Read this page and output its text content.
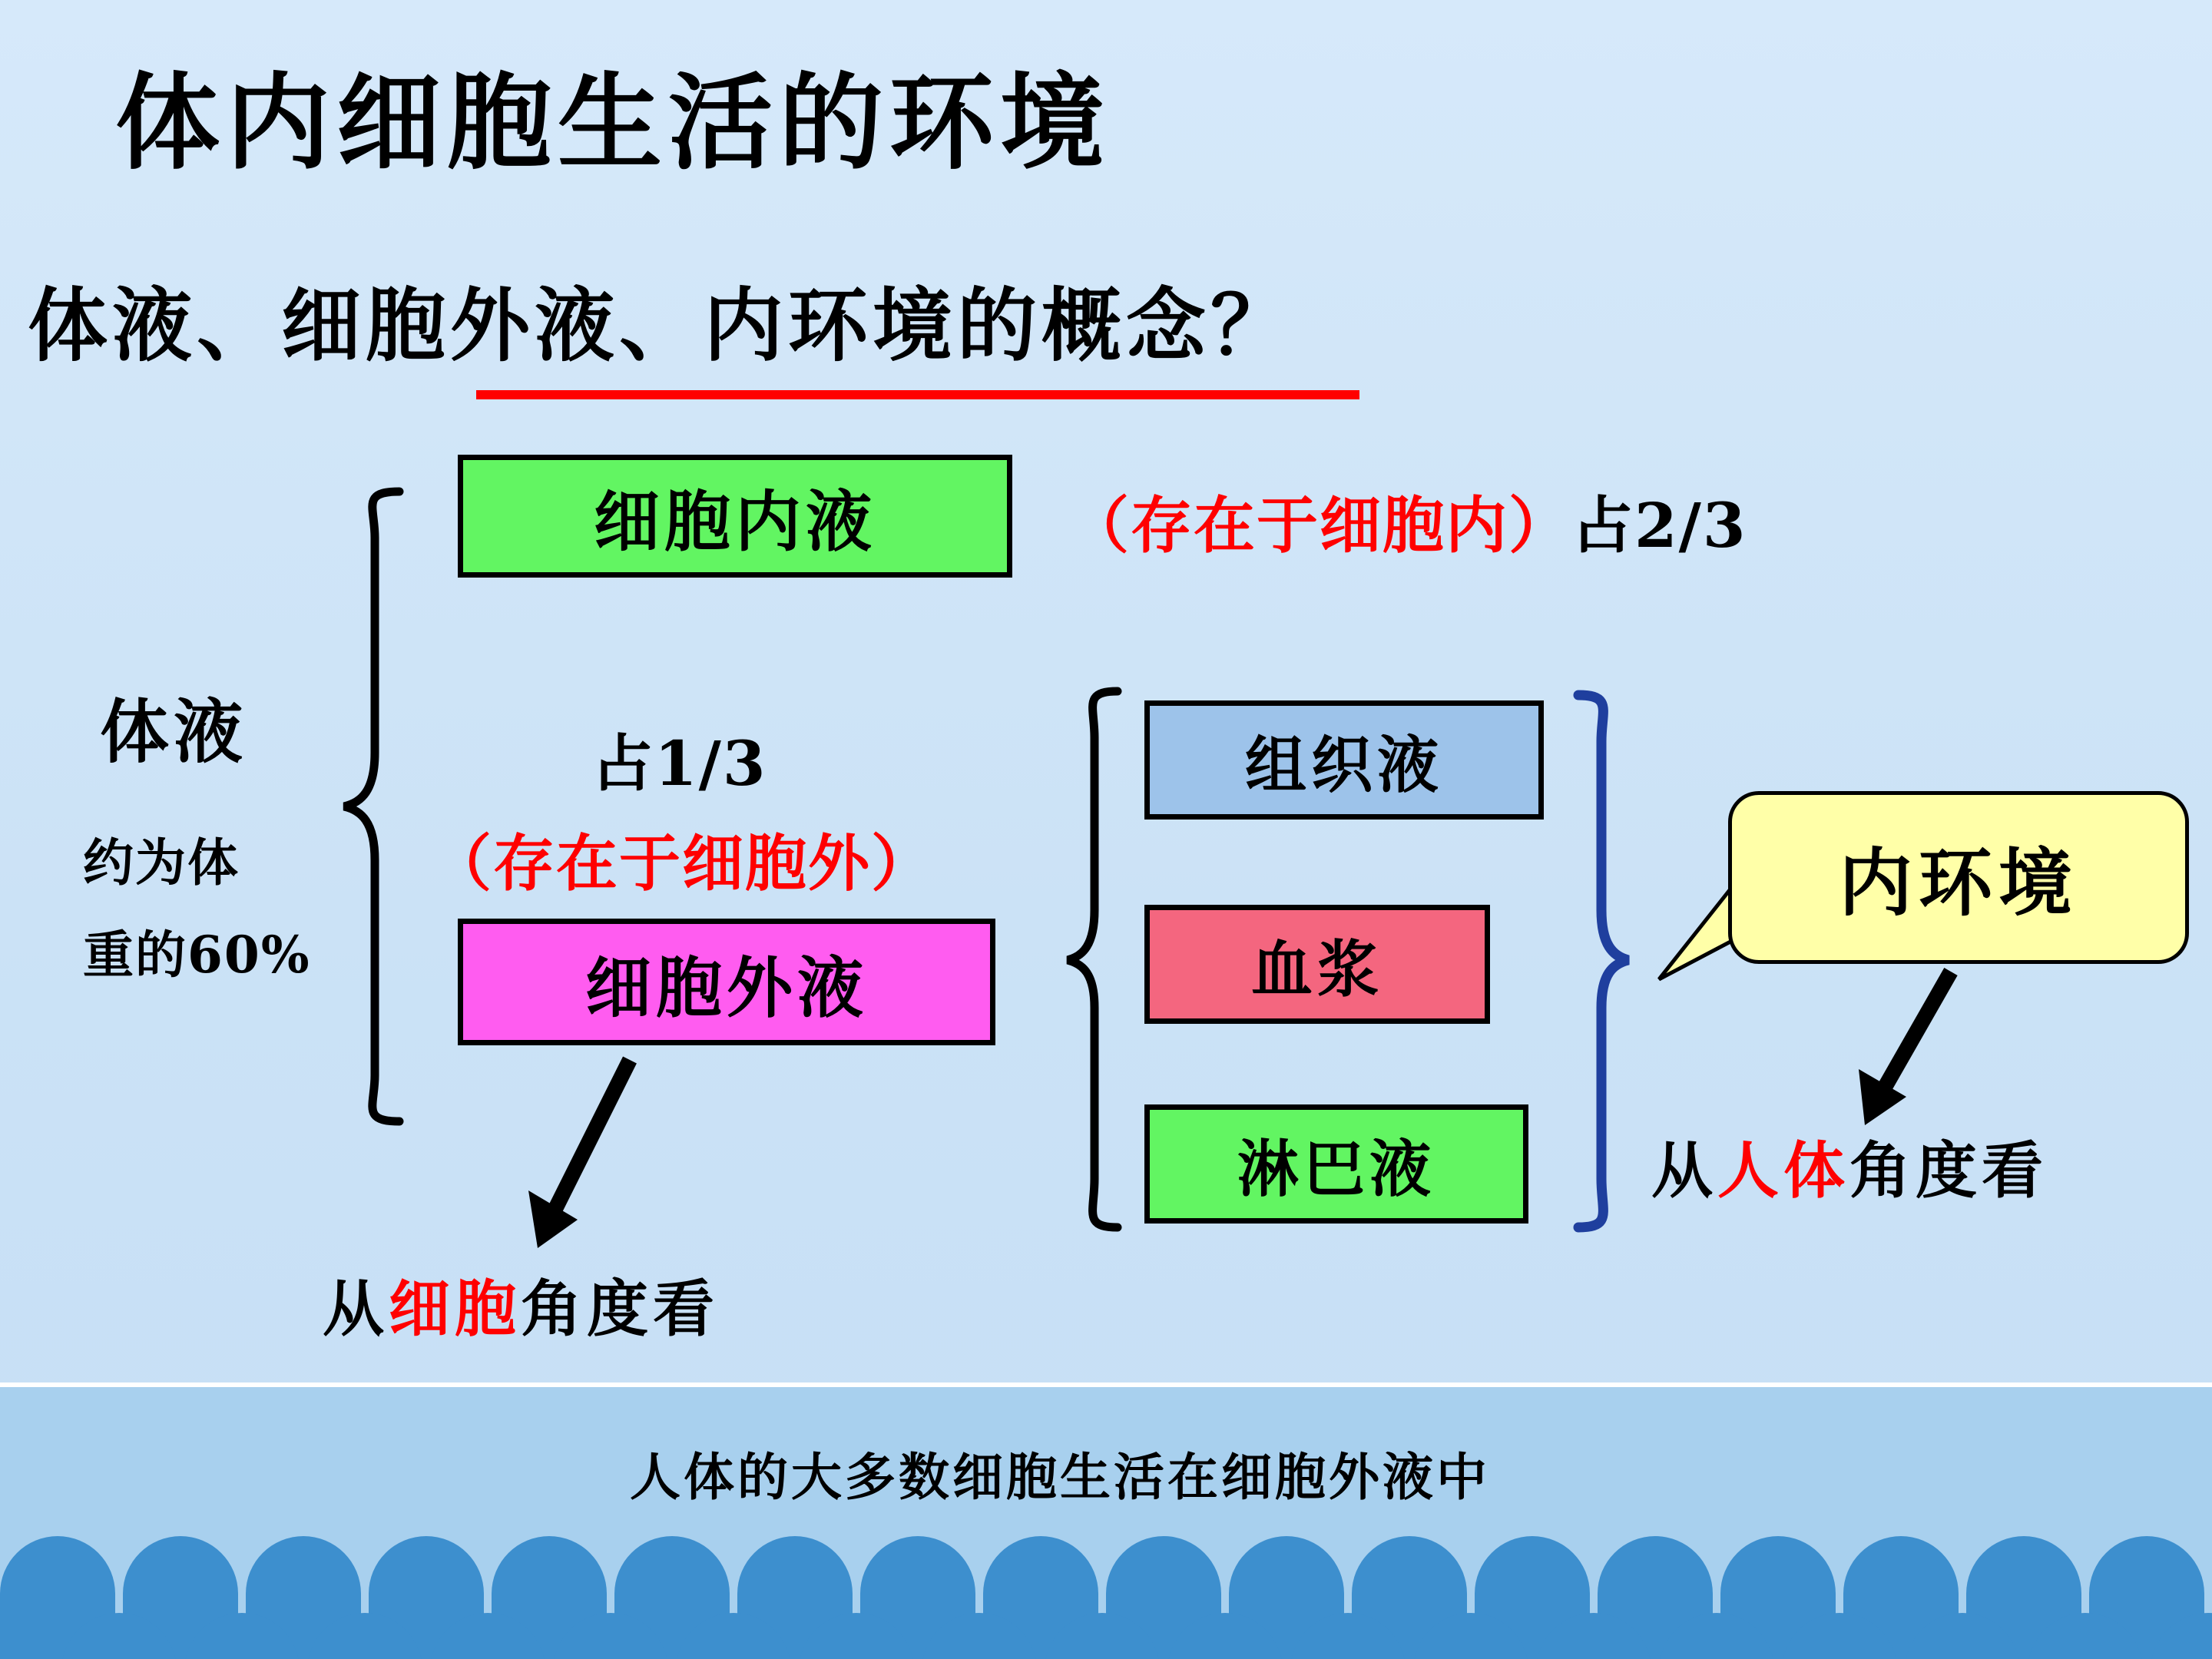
人体的大多数细胞生活在细胞外液中
体内细胞生活的环境
体液、细胞外液、内环境的概念？
体液
约为体
重的60%
细胞内液
细胞外液
组织液
血浆
淋巴液
（存在于细胞内）占2/3
占1/3
（存在于细胞外）	内环境
从细胞角度看
从人体角度看
